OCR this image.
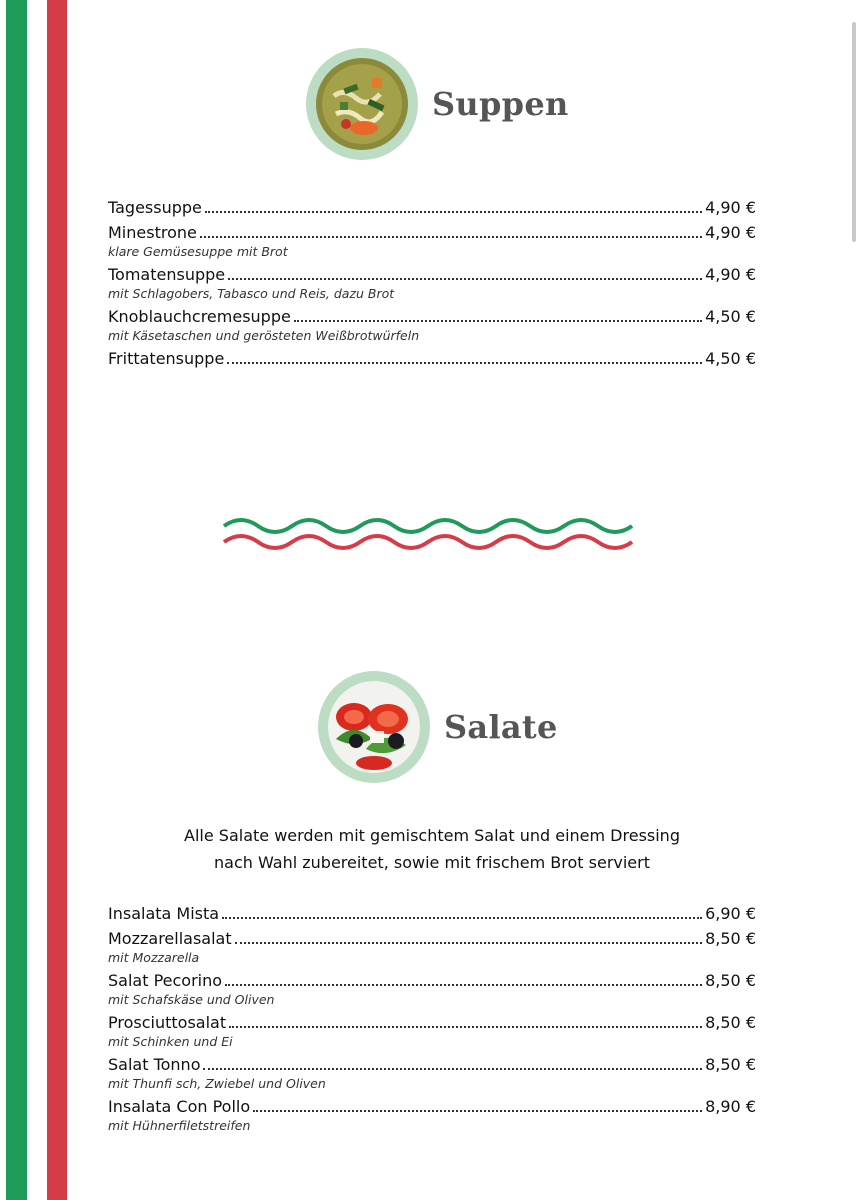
Suppen
Tagessuppe	4,90 €
Minestrone	4,90 €
klare Gemüsesuppe mit Brot
Tomatensuppe	4,90 €
mit Schlagobers, Tabasco und Reis, dazu Brot
Knoblauchcremesuppe	4,50 €
mit Käsetaschen und gerösteten Weißbrotwürfeln
Frittatensuppe	4,50 €
Salate
Alle Salate werden mit gemischtem Salat und einem Dressing
nach Wahl zubereitet, sowie mit frischem Brot serviert
Insalata Mista	6,90 €
Mozzarellasalat	8,50 €
mit Mozzarella
Salat Pecorino	8,50 €
mit Schafskäse und Oliven
Prosciuttosalat	8,50 €
mit Schinken und Ei
Salat Tonno	8,50 €
mit Thunfi sch, Zwiebel und Oliven
Insalata Con Pollo	8,90 €
mit Hühnerfiletstreifen
